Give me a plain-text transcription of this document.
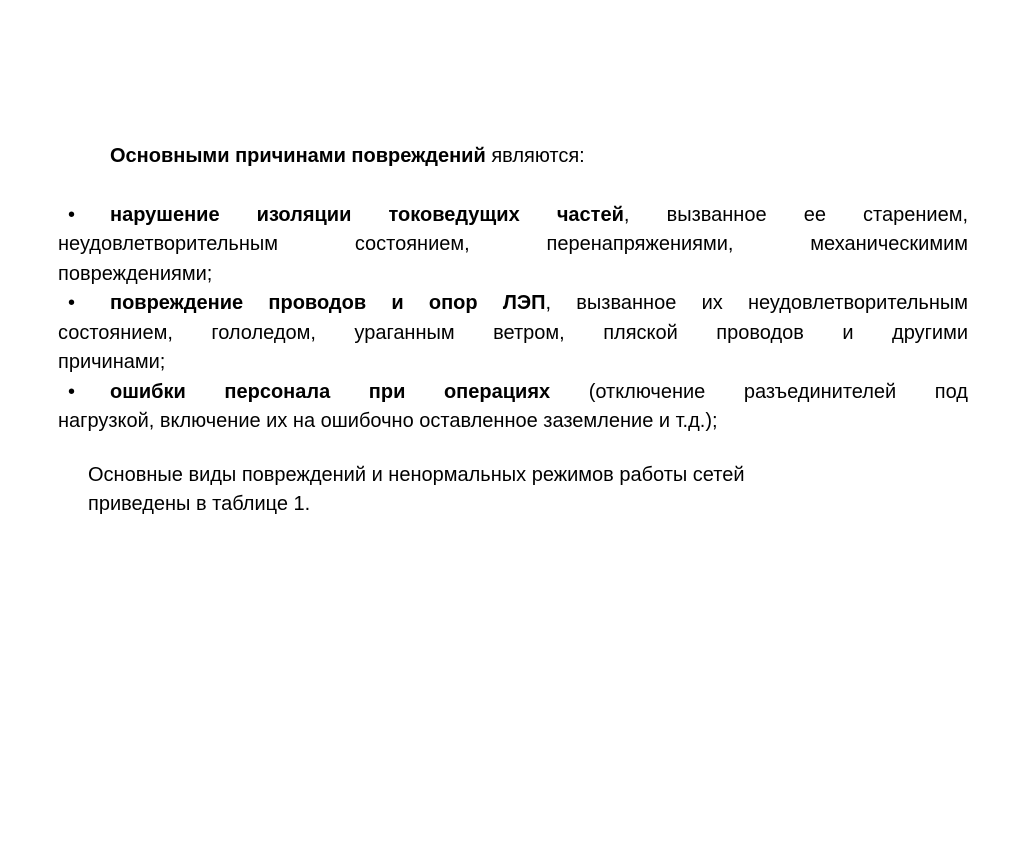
Основными причинами повреждений являются:
• нарушение изоляции токоведущих частей, вызванное ее старением,
неудовлетворительным состоянием, перенапряжениями, механическимим
повреждениями;
• повреждение проводов и опор ЛЭП, вызванное их неудовлетворительным
состоянием, гололедом, ураганным ветром, пляской проводов и другими
причинами;
• ошибки персонала при операциях (отключение разъединителей под
нагрузкой, включение их на ошибочно оставленное заземление и т.д.);
Основные виды повреждений и ненормальных режимов работы сетей
приведены в таблице 1.
